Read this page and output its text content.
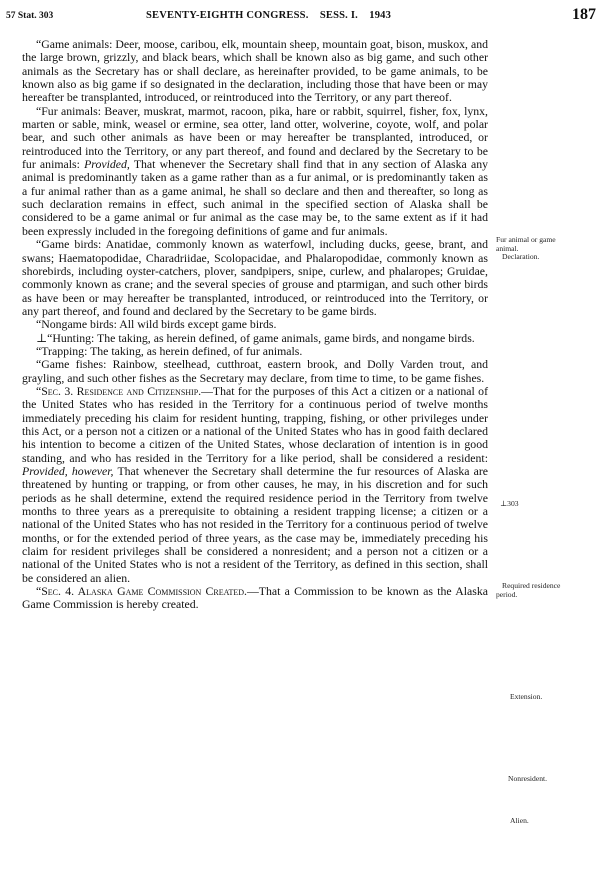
57 Stat. 303	SEVENTY-EIGHTH CONGRESS. SESS. I. 1943	187

“Game animals: Deer, moose, caribou, elk, mountain sheep, mountain goat, bison, muskox, and the large brown, grizzly, and black bears, which shall be known also as big game, and such other animals as the Secretary has or shall declare, as hereinafter provided, to be game animals, to be known also as big game if so designated in the declaration, including those that have been or may hereafter be transplanted, introduced, or reintroduced into the Territory, or any part thereof.

“Fur animals: Beaver, muskrat, marmot, racoon, pika, hare or rabbit, squirrel, fisher, fox, lynx, marten or sable, mink, weasel or ermine, sea otter, land otter, wolverine, coyote, wolf, and polar bear, and such other animals as have been or may hereafter be transplanted, introduced, or reintroduced into the Territory, or any part thereof, and found and declared by the Secretary to be fur animals: Provided, That whenever the Secretary shall find that in any section of Alaska any animal is predominantly taken as a game rather than as a fur animal, or is predominantly taken as a fur animal rather than as a game animal, he shall so declare and then and thereafter, so long as such declaration remains in effect, such animal in the specified section of Alaska shall be considered to be a game animal or fur animal as the case may be, to the same extent as if it had been expressly included in the foregoing definitions of game and fur animals.

“Game birds: Anatidae, commonly known as waterfowl, including ducks, geese, brant, and swans; Haematopodidae, Charadriidae, Scolopacidae, and Phalaropodidae, commonly known as shorebirds, including oyster-catchers, plover, sandpipers, snipe, curlew, and phalaropes; Gruidae, commonly known as crane; and the several species of grouse and ptarmigan, and such other birds as have been or may hereafter be transplanted, introduced, or reintroduced into the Territory, or any part thereof, and found and declared by the Secretary to be game birds.

“Nongame birds: All wild birds except game birds.

⊥“Hunting: The taking, as herein defined, of game animals, game birds, and nongame birds.

“Trapping: The taking, as herein defined, of fur animals.

“Game fishes: Rainbow, steelhead, cutthroat, eastern brook, and Dolly Varden trout, and grayling, and such other fishes as the Secretary may declare, from time to time, to be game fishes.

“Sec. 3. Residence and Citizenship.—That for the purposes of this Act a citizen or a national of the United States who has resided in the Territory for a continuous period of twelve months immediately preceding his claim for resident hunting, trapping, fishing, or other privileges under this Act, or a person not a citizen or a national of the United States who has in good faith declared his intention to become a citizen of the United States, whose declaration of intention is in good standing, and who has resided in the Territory for a like period, shall be considered a resident: Provided, however, That whenever the Secretary shall determine the fur resources of Alaska are threatened by hunting or trapping, or from other causes, he may, in his discretion and for such periods as he shall determine, extend the required residence period in the Territory from twelve months to three years as a prerequisite to obtaining a resident trapping license; a citizen or a national of the United States who has not resided in the Territory for a continuous period of twelve months, or for the extended period of three years, as the case may be, immediately preceding his claim for resident privileges shall be considered a nonresident; and a person not a citizen or a national of the United States who is not a resident of the Territory, as defined in this section, shall be considered an alien.

“Sec. 4. Alaska Game Commission Created.—That a Commission to be known as the Alaska Game Commission is hereby created.

Fur animal or game
animal.
Declaration.
⊥303
Required residence
period.
Extension.
Nonresident.
Alien.
